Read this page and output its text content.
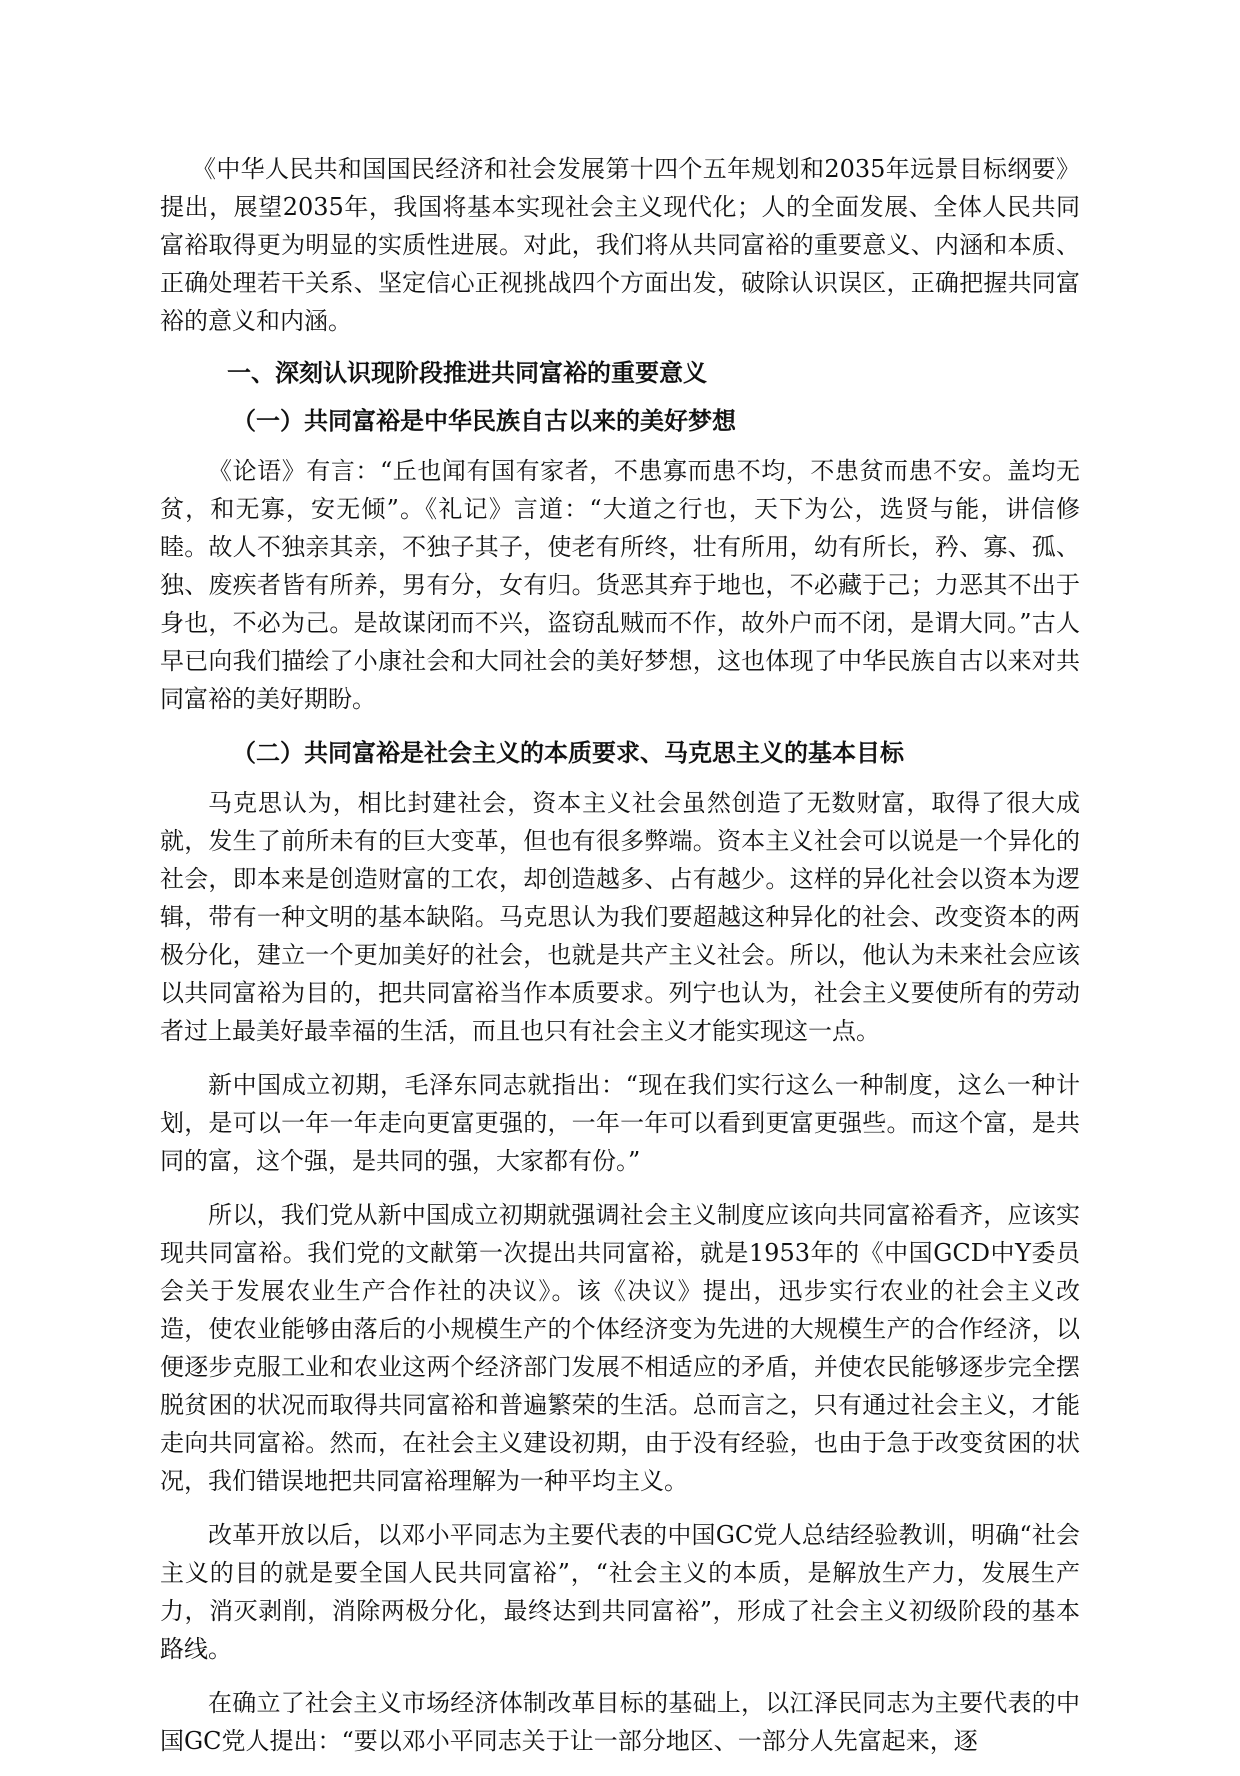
《中华人民共和国国民经济和社会发展第十四个五年规划和2035年远景目标纲要》提出，展望2035年，我国将基本实现社会主义现代化；人的全面发展、全体人民共同富裕取得更为明显的实质性进展。对此，我们将从共同富裕的重要意义、内涵和本质、正确处理若干关系、坚定信心正视挑战四个方面出发，破除认识误区，正确把握共同富裕的意义和内涵。

一、深刻认识现阶段推进共同富裕的重要意义
（一）共同富裕是中华民族自古以来的美好梦想

《论语》有言：“丘也闻有国有家者，不患寡而患不均，不患贫而患不安。盖均无贫，和无寡，安无倾”。《礼记》言道：“大道之行也，天下为公，选贤与能，讲信修睦。故人不独亲其亲，不独子其子，使老有所终，壮有所用，幼有所长，矜、寡、孤、独、废疾者皆有所养，男有分，女有归。货恶其弃于地也，不必藏于己；力恶其不出于身也，不必为己。是故谋闭而不兴，盗窃乱贼而不作，故外户而不闭，是谓大同。”古人早已向我们描绘了小康社会和大同社会的美好梦想，这也体现了中华民族自古以来对共同富裕的美好期盼。

（二）共同富裕是社会主义的本质要求、马克思主义的基本目标

马克思认为，相比封建社会，资本主义社会虽然创造了无数财富，取得了很大成就，发生了前所未有的巨大变革，但也有很多弊端。资本主义社会可以说是一个异化的社会，即本来是创造财富的工农，却创造越多、占有越少。这样的异化社会以资本为逻辑，带有一种文明的基本缺陷。马克思认为我们要超越这种异化的社会、改变资本的两极分化，建立一个更加美好的社会，也就是共产主义社会。所以，他认为未来社会应该以共同富裕为目的，把共同富裕当作本质要求。列宁也认为，社会主义要使所有的劳动者过上最美好最幸福的生活，而且也只有社会主义才能实现这一点。

新中国成立初期，毛泽东同志就指出：“现在我们实行这么一种制度，这么一种计划，是可以一年一年走向更富更强的，一年一年可以看到更富更强些。而这个富，是共同的富，这个强，是共同的强，大家都有份。”

所以，我们党从新中国成立初期就强调社会主义制度应该向共同富裕看齐，应该实现共同富裕。我们党的文献第一次提出共同富裕，就是1953年的《中国GCD中Y委员会关于发展农业生产合作社的决议》。该《决议》提出，迅步实行农业的社会主义改造，使农业能够由落后的小规模生产的个体经济变为先进的大规模生产的合作经济，以便逐步克服工业和农业这两个经济部门发展不相适应的矛盾，并使农民能够逐步完全摆脱贫困的状况而取得共同富裕和普遍繁荣的生活。总而言之，只有通过社会主义，才能走向共同富裕。然而，在社会主义建设初期，由于没有经验，也由于急于改变贫困的状况，我们错误地把共同富裕理解为一种平均主义。

改革开放以后，以邓小平同志为主要代表的中国GC党人总结经验教训，明确“社会主义的目的就是要全国人民共同富裕”，“社会主义的本质，是解放生产力，发展生产力，消灭剥削，消除两极分化，最终达到共同富裕”，形成了社会主义初级阶段的基本路线。

在确立了社会主义市场经济体制改革目标的基础上，以江泽民同志为主要代表的中国GC党人提出：“要以邓小平同志关于让一部分地区、一部分人先富起来，逐
